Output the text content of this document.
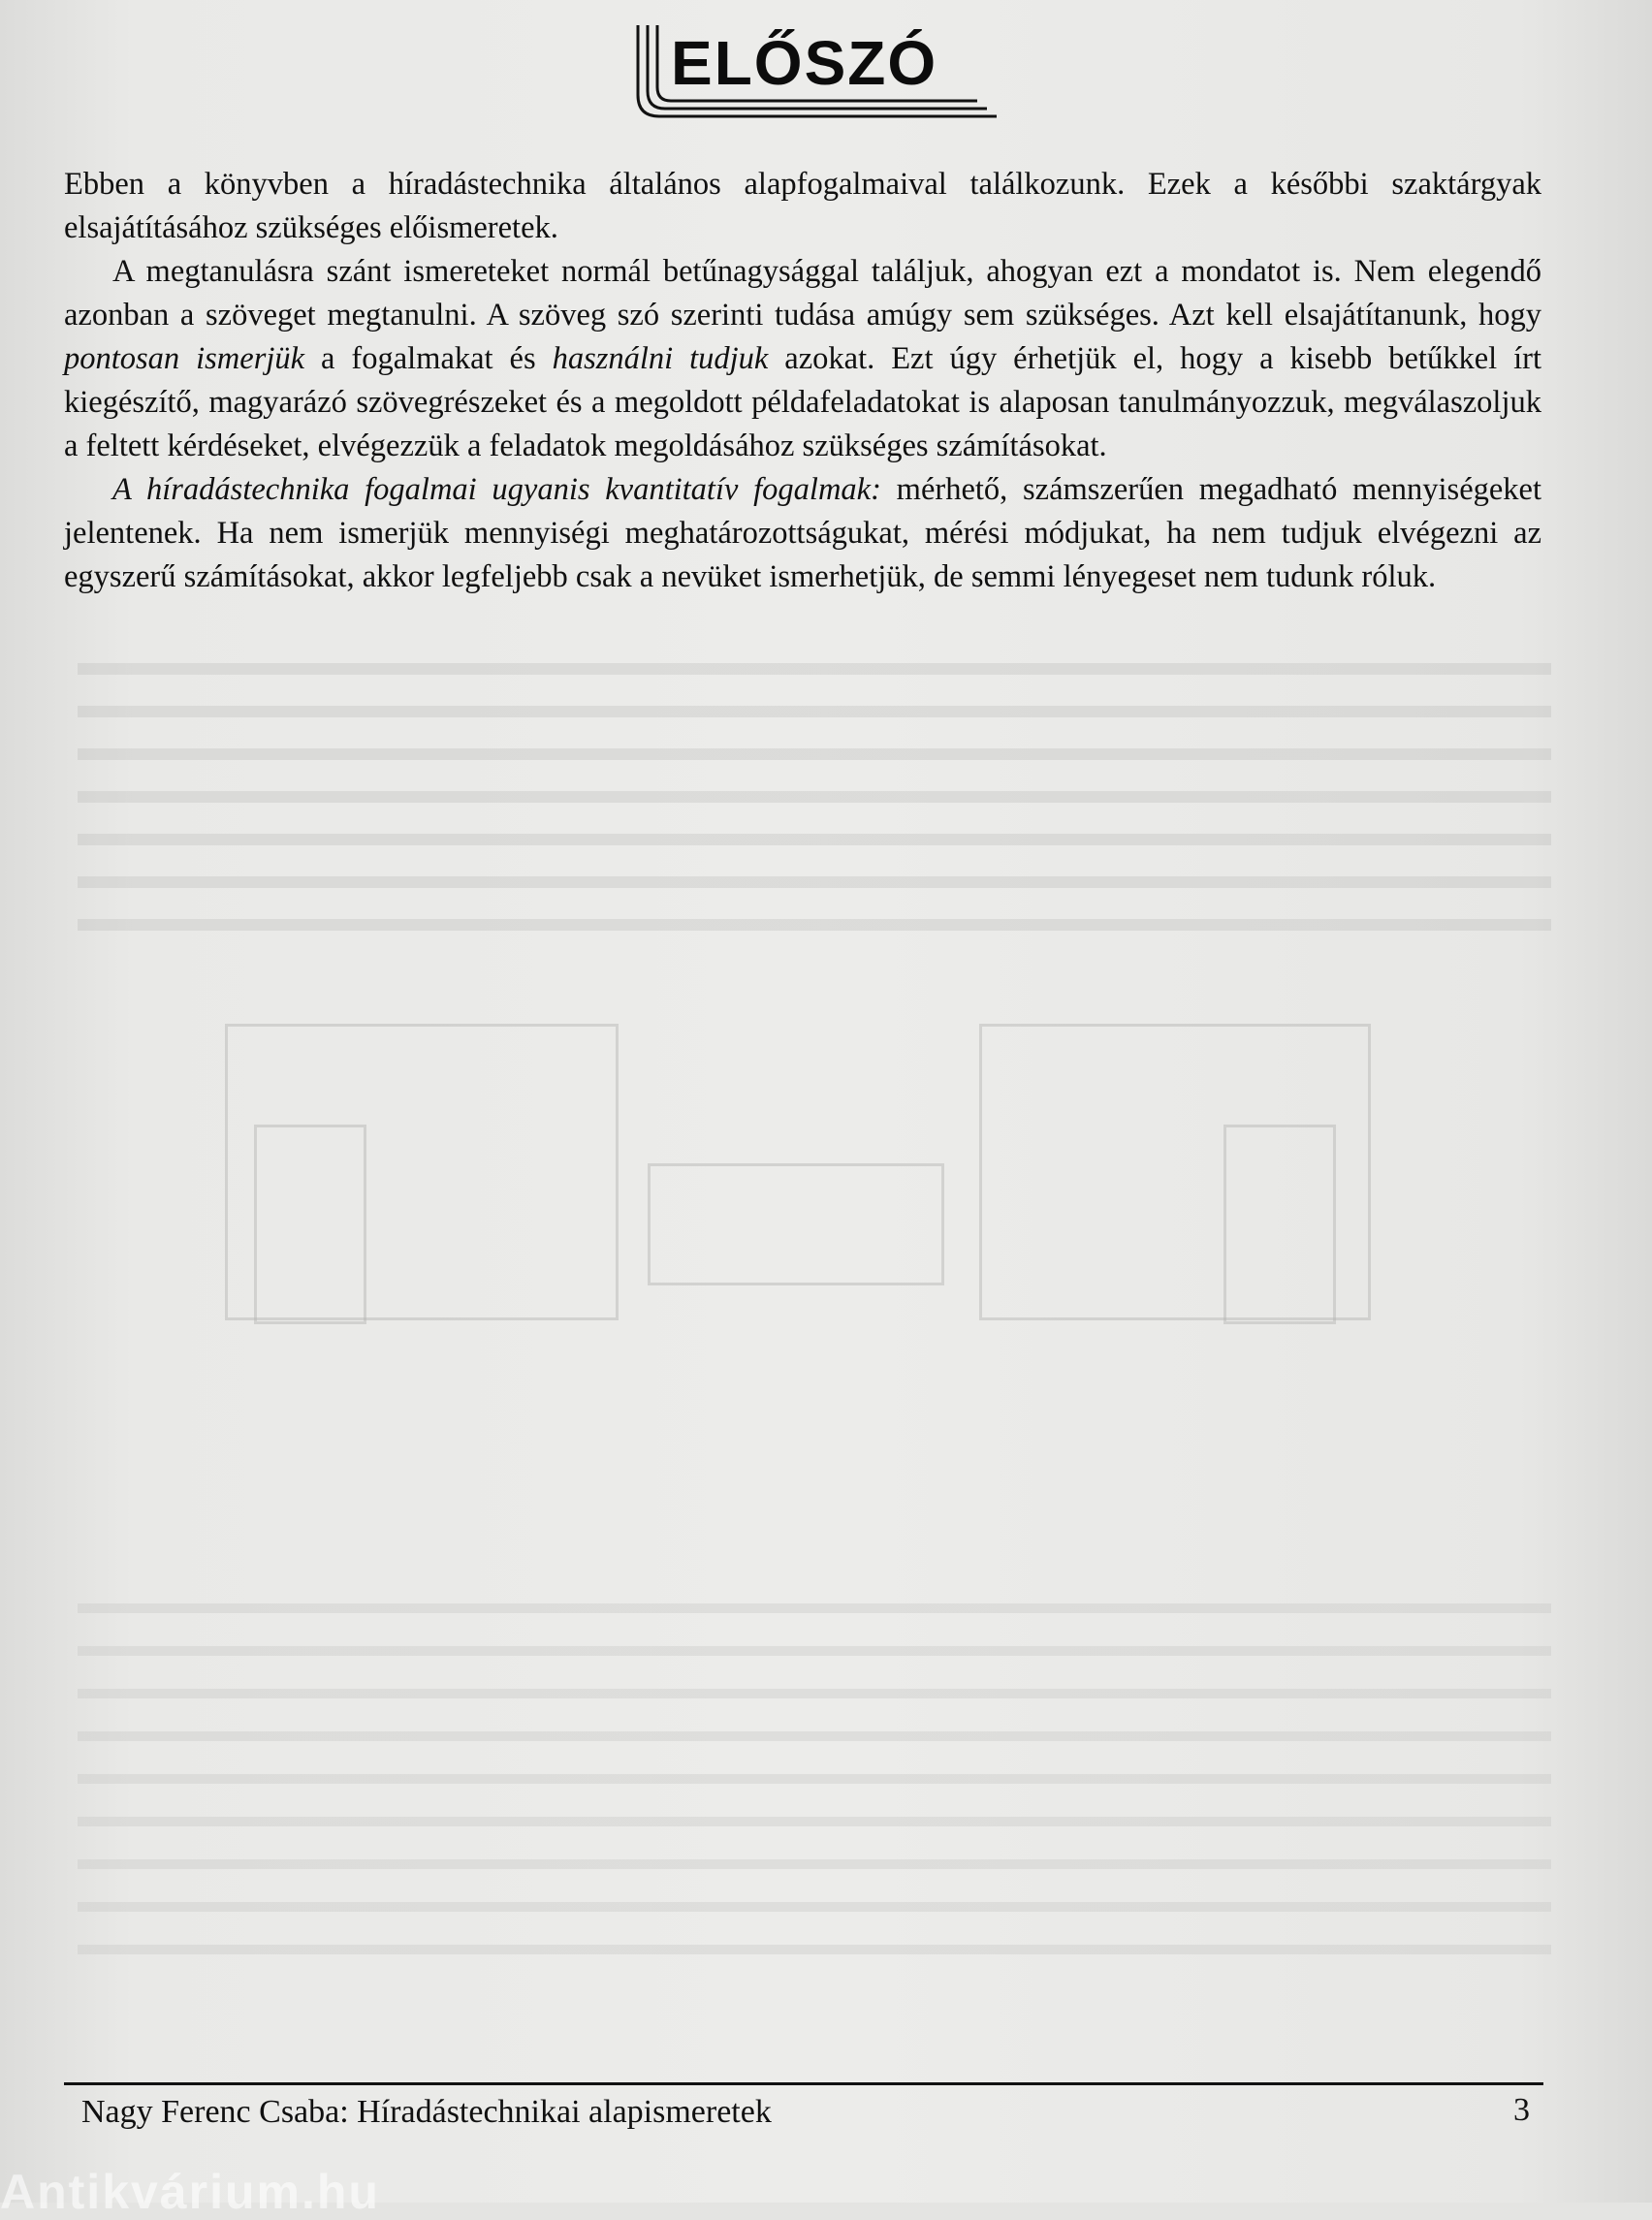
ELŐSZÓ

Ebben a könyvben a híradástechnika általános alapfogalmaival találkozunk. Ezek a későbbi szaktárgyak elsajátításához szükséges előismeretek.

A megtanulásra szánt ismereteket normál betűnagysággal találjuk, ahogyan ezt a mondatot is. Nem elegendő azonban a szöveget megtanulni. A szöveg szó szerinti tudása amúgy sem szükséges. Azt kell elsajátítanunk, hogy pontosan ismerjük a fogalmakat és használni tudjuk azokat. Ezt úgy érhetjük el, hogy a kisebb betűkkel írt kiegészítő, magyarázó szövegrészeket és a megoldott példafeladatokat is alaposan tanulmányozzuk, megválaszoljuk a feltett kérdéseket, elvégezzük a feladatok megoldásához szükséges számításokat.

A híradástechnika fogalmai ugyanis kvantitatív fogalmak: mérhető, számszerűen megadható mennyiségeket jelentenek. Ha nem ismerjük mennyiségi meghatározottságukat, mérési módjukat, ha nem tudjuk elvégezni az egyszerű számításokat, akkor legfeljebb csak a nevüket ismerhetjük, de semmi lényegeset nem tudunk róluk.

Nagy Ferenc Csaba: Híradástechnikai alapismeretek	3
Antikvárium.hu
